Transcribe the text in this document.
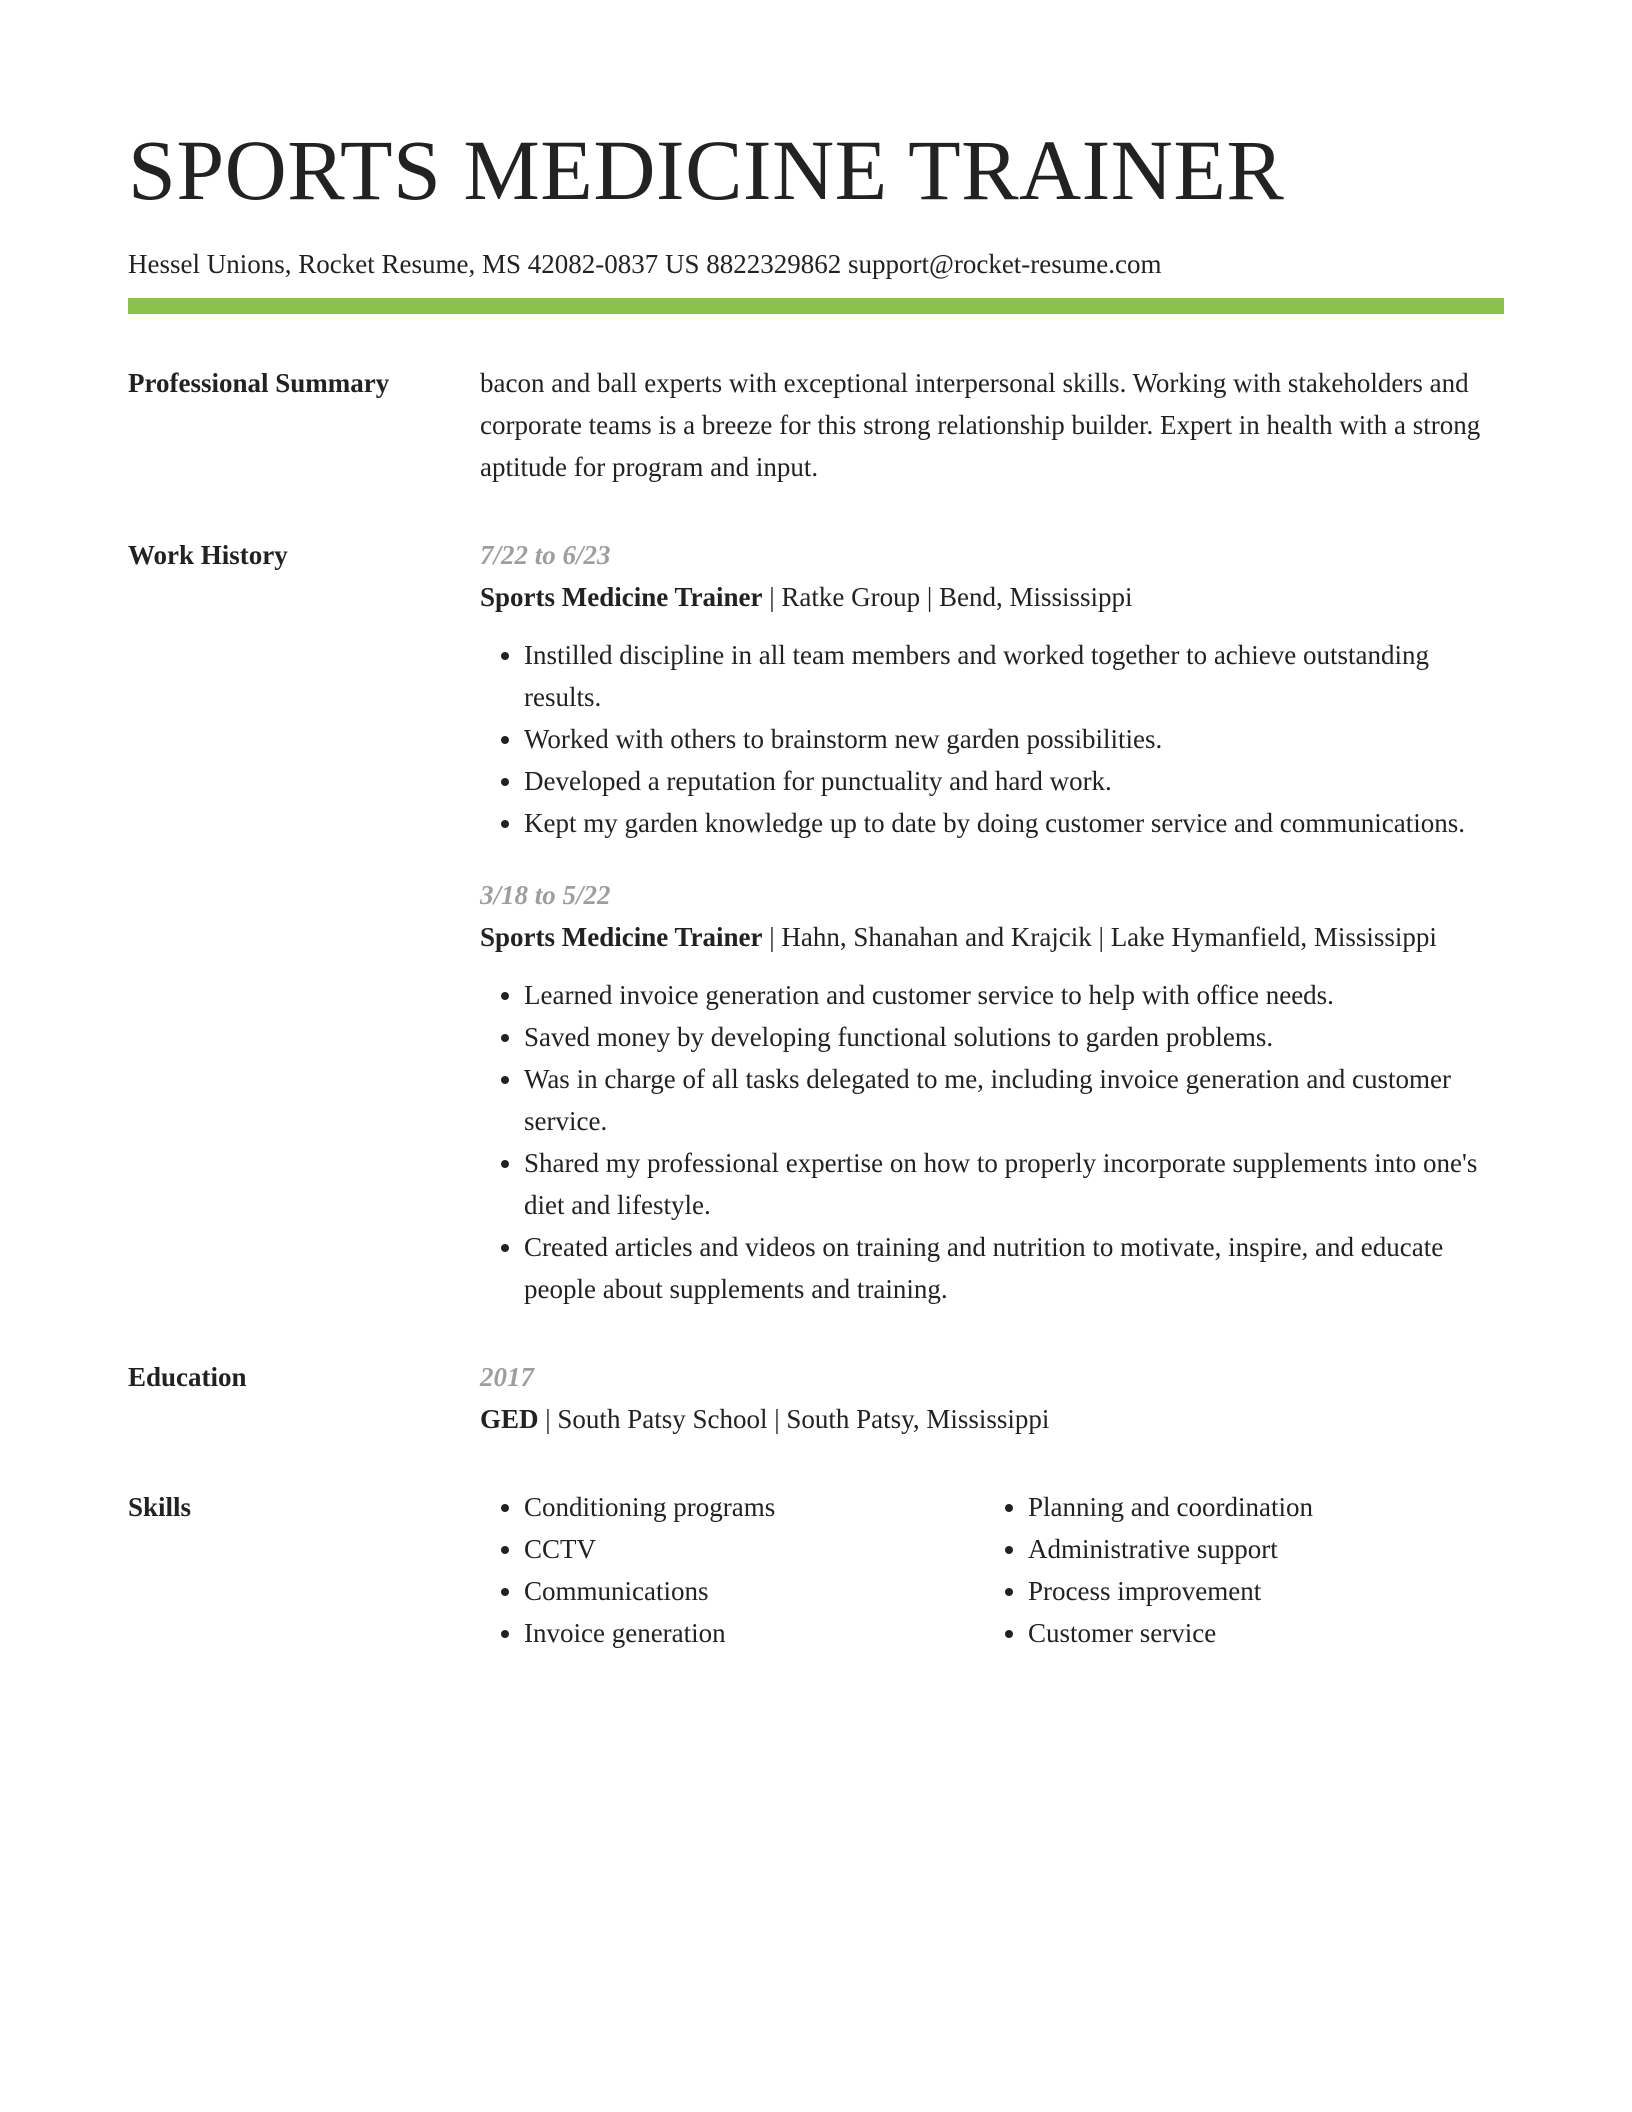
SPORTS MEDICINE TRAINER
Hessel Unions, Rocket Resume, MS 42082-0837 US 8822329862 support@rocket-resume.com
Professional Summary	bacon and ball experts with exceptional interpersonal skills. Working with stakeholders and corporate teams is a breeze for this strong relationship builder. Expert in health with a strong aptitude for program and input.

Work History	7/22 to 6/23
Sports Medicine Trainer | Ratke Group | Bend, Mississippi
• Instilled discipline in all team members and worked together to achieve outstanding results.
• Worked with others to brainstorm new garden possibilities.
• Developed a reputation for punctuality and hard work.
• Kept my garden knowledge up to date by doing customer service and communications.
3/18 to 5/22
Sports Medicine Trainer | Hahn, Shanahan and Krajcik | Lake Hymanfield, Mississippi
• Learned invoice generation and customer service to help with office needs.
• Saved money by developing functional solutions to garden problems.
• Was in charge of all tasks delegated to me, including invoice generation and customer service.
• Shared my professional expertise on how to properly incorporate supplements into one's diet and lifestyle.
• Created articles and videos on training and nutrition to motivate, inspire, and educate people about supplements and training.
Education	2017
GED | South Patsy School | South Patsy, Mississippi
Skills
•	Conditioning programs
• CCTV
• Communications
• Invoice generation
• Planning and coordination
• Administrative support
• Process improvement
• Customer service
